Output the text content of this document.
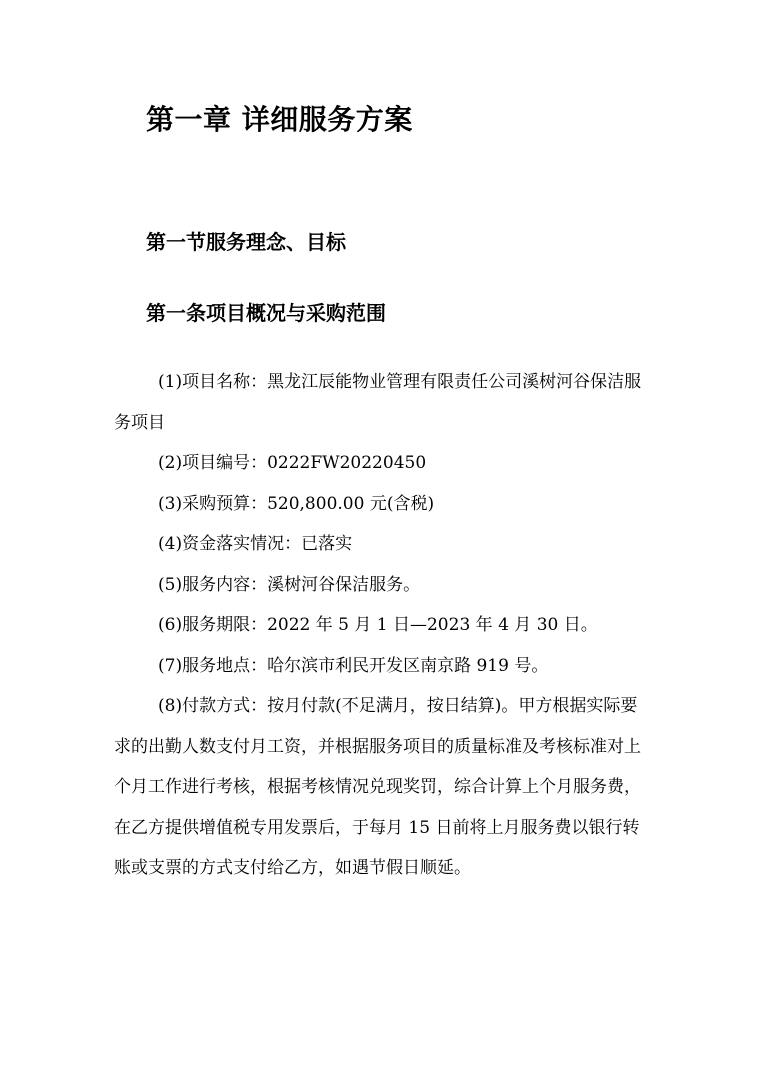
第一章 详细服务方案
第一节服务理念、目标
第一条项目概况与采购范围

(1)项目名称：黑龙江辰能物业管理有限责任公司溪树河谷保洁服务项目

(2)项目编号：0222FW20220450

(3)采购预算：520,800.00 元(含税)

(4)资金落实情况：已落实

(5)服务内容：溪树河谷保洁服务。

(6)服务期限：2022 年 5 月 1 日—2023 年 4 月 30 日。

(7)服务地点：哈尔滨市利民开发区南京路 919 号。

(8)付款方式：按月付款(不足满月，按日结算)。甲方根据实际要求的出勤人数支付月工资，并根据服务项目的质量标准及考核标准对上个月工作进行考核，根据考核情况兑现奖罚，综合计算上个月服务费，在乙方提供增值税专用发票后，于每月 15 日前将上月服务费以银行转账或支票的方式支付给乙方，如遇节假日顺延。
